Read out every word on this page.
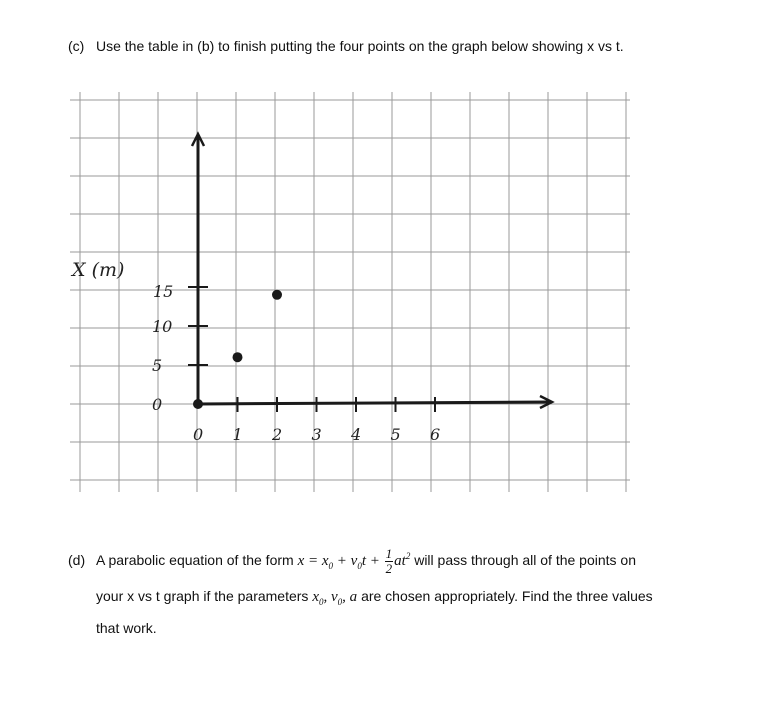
(c) Use the table in (b) to finish putting the four points on the graph below showing x vs t.
X (m)
15
10
5
0
0 1 2 3 4 5 6
(d) A parabolic equation of the form $x = x_0 + v_0t + \frac{1}{2} at^2$ will pass through all of the points on
your x vs t graph if the parameters $x_0$, $v_0$, a are chosen appropriately. Find the three values
that work.
